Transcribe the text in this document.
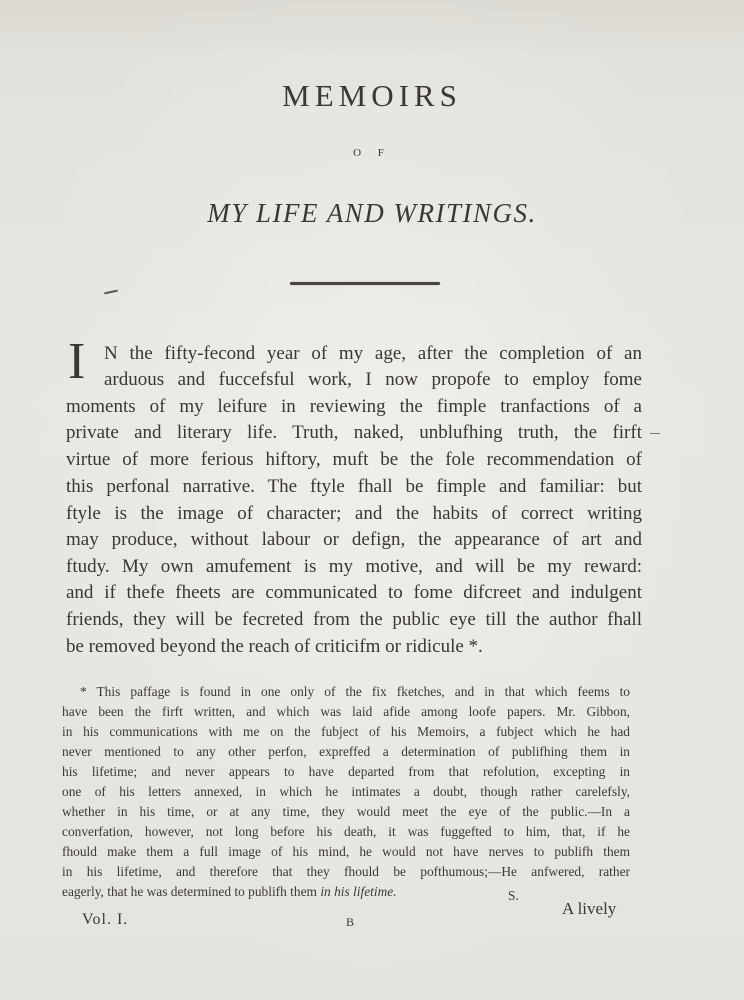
MEMOIRS
O F
MY LIFE AND WRITINGS.
I N the fifty-fecond year of my age, after the completion of an
arduous and fuccefsful work, I now propofe to employ fome
moments of my leifure in reviewing the fimple tranfactions of a
private and literary life. Truth, naked, unblufhing truth, the firft
virtue of more ferious hiftory, muft be the fole recommendation of
this perfonal narrative. The ftyle fhall be fimple and familiar: but
ftyle is the image of character; and the habits of correct writing
may produce, without labour or defign, the appearance of art and
ftudy. My own amufement is my motive, and will be my reward:
and if thefe fheets are communicated to fome difcreet and indulgent
friends, they will be fecreted from the public eye till the author fhall
be removed beyond the reach of criticifm or ridicule *.
* This paffage is found in one only of the fix fketches, and in that which feems to
have been the firft written, and which was laid afide among loofe papers. Mr. Gibbon,
in his communications with me on the fubject of his Memoirs, a fubject which he had
never mentioned to any other perfon, expreffed a determination of publifhing them in
his lifetime; and never appears to have departed from that refolution, excepting in
one of his letters annexed, in which he intimates a doubt, though rather carelefsly,
whether in his time, or at any time, they would meet the eye of the public.—In a
converfation, however, not long before his death, it was fuggefted to him, that, if he
fhould make them a full image of his mind, he would not have nerves to publifh them
in his lifetime, and therefore that they fhould be pofthumous;—He anfwered, rather
eagerly, that he was determined to publifh them in his lifetime.	S.
Vol. I.	B
A lively
